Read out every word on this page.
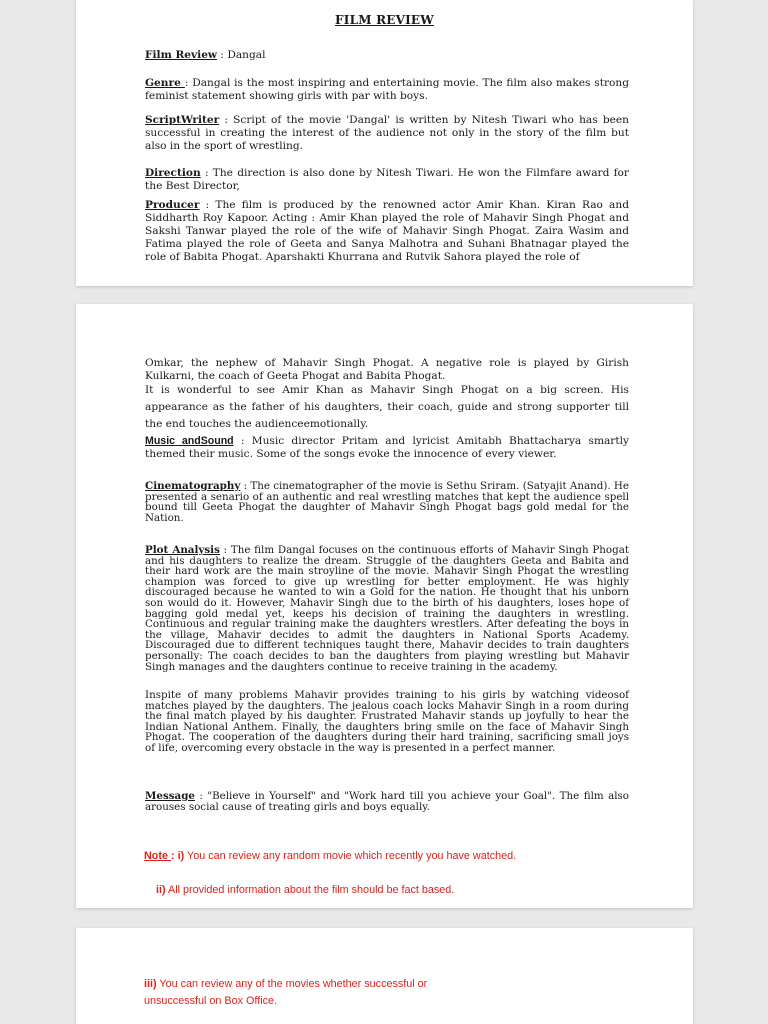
FILM REVIEW

Film Review : Dangal

Genre : Dangal is the most inspiring and entertaining movie. The film also makes strong feminist statement showing girls with par with boys.

ScriptWriter : Script of the movie 'Dangal' is written by Nitesh Tiwari who has been successful in creating the interest of the audience not only in the story of the film but also in the sport of wrestling.

Direction : The direction is also done by Nitesh Tiwari. He won the Filmfare award for the Best Director,

Producer : The film is produced by the renowned actor Amir Khan. Kiran Rao and Siddharth Roy Kapoor. Acting : Amir Khan played the role of Mahavir Singh Phogat and Sakshi Tanwar played the role of the wife of Mahavir Singh Phogat. Zaira Wasim and Fatima played the role of Geeta and Sanya Malhotra and Suhani Bhatnagar played the role of Babita Phogat. Aparshakti Khurrana and Rutvik Sahora played the role of

Omkar, the nephew of Mahavir Singh Phogat. A negative role is played by Girish Kulkarni, the coach of Geeta Phogat and Babita Phogat.

It is wonderful to see Amir Khan as Mahavir Singh Phogat on a big screen. His appearance as the father of his daughters, their coach, guide and strong supporter till the end touches the audienceemotionally.

Music andSound : Music director Pritam and lyricist Amitabh Bhattacharya smartly themed their music. Some of the songs evoke the innocence of every viewer.

Cinematography : The cinematographer of the movie is Sethu Sriram. (Satyajit Anand). He presented a senario of an authentic and real wrestling matches that kept the audience spell bound till Geeta Phogat the daughter of Mahavir Singh Phogat bags gold medal for the Nation.

Plot Analysis : The film Dangal focuses on the continuous efforts of Mahavir Singh Phogat and his daughters to realize the dream. Struggle of the daughters Geeta and Babita and their hard work are the main stroyline of the movie. Mahavir Singh Phogat the wrestling champion was forced to give up wrestling for better employment. He was highly discouraged because he wanted to win a Gold for the nation. He thought that his unborn son would do it. However, Mahavir Singh due to the birth of his daughters, loses hope of bagging gold medal yet, keeps his decision of training the daughters in wrestling. Continuous and regular training make the daughters wrestlers. After defeating the boys in the village, Mahavir decides to admit the daughters in National Sports Academy. Discouraged due to different techniques taught there, Mahavir decides to train daughters personally: The coach decides to ban the daughters from playing wrestling but Mahavir Singh manages and the daughters continue to receive training in the academy.

Inspite of many problems Mahavir provides training to his girls by watching videosof matches played by the daughters. The jealous coach locks Mahavir Singh in a room during the final match played by his daughter. Frustrated Mahavir stands up joyfully to hear the Indian National Anthem. Finally, the daughters bring smile on the face of Mahavir Singh Phogat. The cooperation of the daughters during their hard training, sacrificing small joys of life, overcoming every obstacle in the way is presented in a perfect manner.

Message : "Believe in Yourself" and "Work hard till you achieve your Goal". The film also arouses social cause of treating girls and boys equally.

Note : i) You can review any random movie which recently you have watched.

ii) All provided information about the film should be fact based.

iii) You can review any of the movies whether successful or unsuccessful on Box Office.
